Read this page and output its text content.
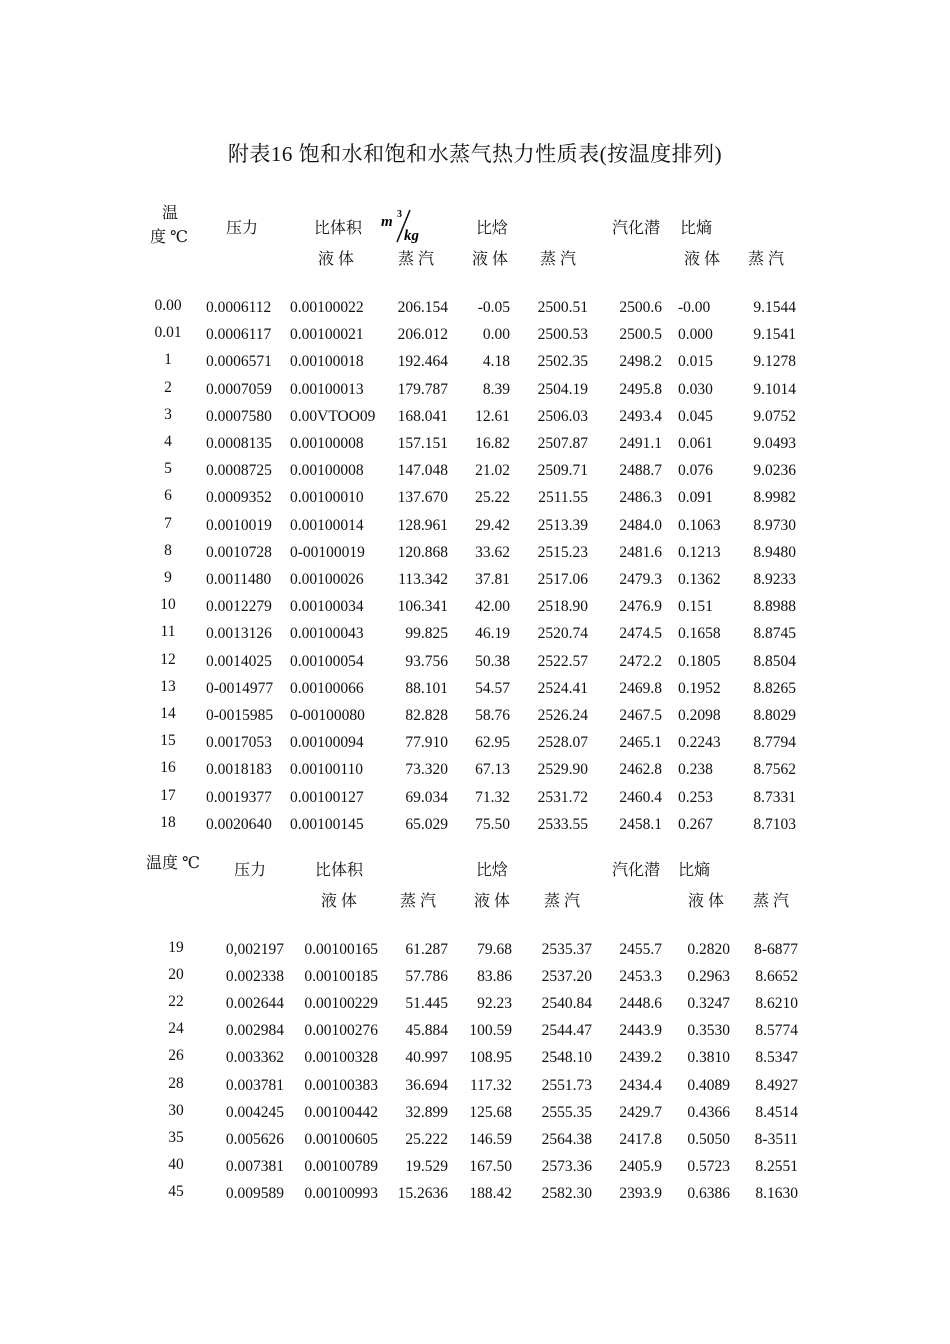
附表16 饱和水和饱和水蒸气热力性质表(按温度排列)
温
度 ℃
压力	比体积 m 3
kg	比焓	汽化潜 比熵
液 体	蒸 汽 液 体 蒸 汽	液 体 蒸 汽
0.00	0.0006112	0.00100022	206.154	-0.05	2500.51	2500.6 -0.00	9.1544
0.01	0.0006117	0.00100021	206.012	0.00	2500.53	2500.5 0.000	9.1541
1	0.0006571	0.00100018	192.464	4.18	2502.35	2498.2 0.015	9.1278
2	0.0007059	0.00100013	179.787	8.39	2504.19	2495.8 0.030	9.1014
3	0.0007580	0.00VTOO09	168.041	12.61	2506.03	2493.4 0.045	9.0752
4	0.0008135	0.00100008	157.151	16.82	2507.87	2491.1 0.061	9.0493
5	0.0008725	0.00100008	147.048	21.02	2509.71	2488.7 0.076	9.0236
6	0.0009352	0.00100010	137.670	25.22	2511.55	2486.3 0.091	8.9982
7	0.0010019	0.00100014	128.961	29.42	2513.39	2484.0 0.1063	8.9730
8	0.0010728	0-00100019	120.868	33.62	2515.23	2481.6 0.1213	8.9480
9	0.0011480	0.00100026	113.342	37.81	2517.06	2479.3 0.1362	8.9233
10	0.0012279	0.00100034	106.341	42.00	2518.90	2476.9 0.151	8.8988
11	0.0013126	0.00100043	99.825	46.19	2520.74	2474.5 0.1658	8.8745
12	0.0014025	0.00100054	93.756	50.38	2522.57	2472.2 0.1805	8.8504
13	0-0014977	0.00100066	88.101	54.57	2524.41	2469.8 0.1952	8.8265
14	0-0015985	0-00100080	82.828	58.76	2526.24	2467.5 0.2098	8.8029
15	0.0017053	0.00100094	77.910	62.95	2528.07	2465.1 0.2243	8.7794
16	0.0018183	0.00100110	73.320	67.13	2529.90	2462.8 0.238	8.7562
17	0.0019377	0.00100127	69.034	71.32	2531.72	2460.4 0.253	8.7331
18	0.0020640	0.00100145	65.029	75.50	2533.55	2458.1 0.267	8.7103
温度 ℃ 压力	比体积	比焓	汽化潜 比熵
液 体	蒸 汽 液 体 蒸 汽	液 体 蒸 汽
19	0,002197	0.00100165	61.287	79.68	2535.37	2455.7	0.2820	8-6877
20	0.002338	0.00100185	57.786	83.86	2537.20	2453.3	0.2963	8.6652
22	0.002644	0.00100229	51.445	92.23	2540.84	2448.6	0.3247	8.6210
24	0.002984	0.00100276	45.884	100.59	2544.47	2443.9	0.3530	8.5774
26	0.003362	0.00100328	40.997	108.95	2548.10	2439.2	0.3810	8.5347
28	0.003781	0.00100383	36.694	117.32	2551.73	2434.4	0.4089	8.4927
30	0.004245	0.00100442	32.899	125.68	2555.35	2429.7	0.4366	8.4514
35	0.005626	0.00100605	25.222	146.59	2564.38	2417.8	0.5050	8-3511
40	0.007381	0.00100789	19.529	167.50	2573.36	2405.9	0.5723	8.2551
45	0.009589	0.00100993	15.2636	188.42	2582.30	2393.9	0.6386	8.1630
